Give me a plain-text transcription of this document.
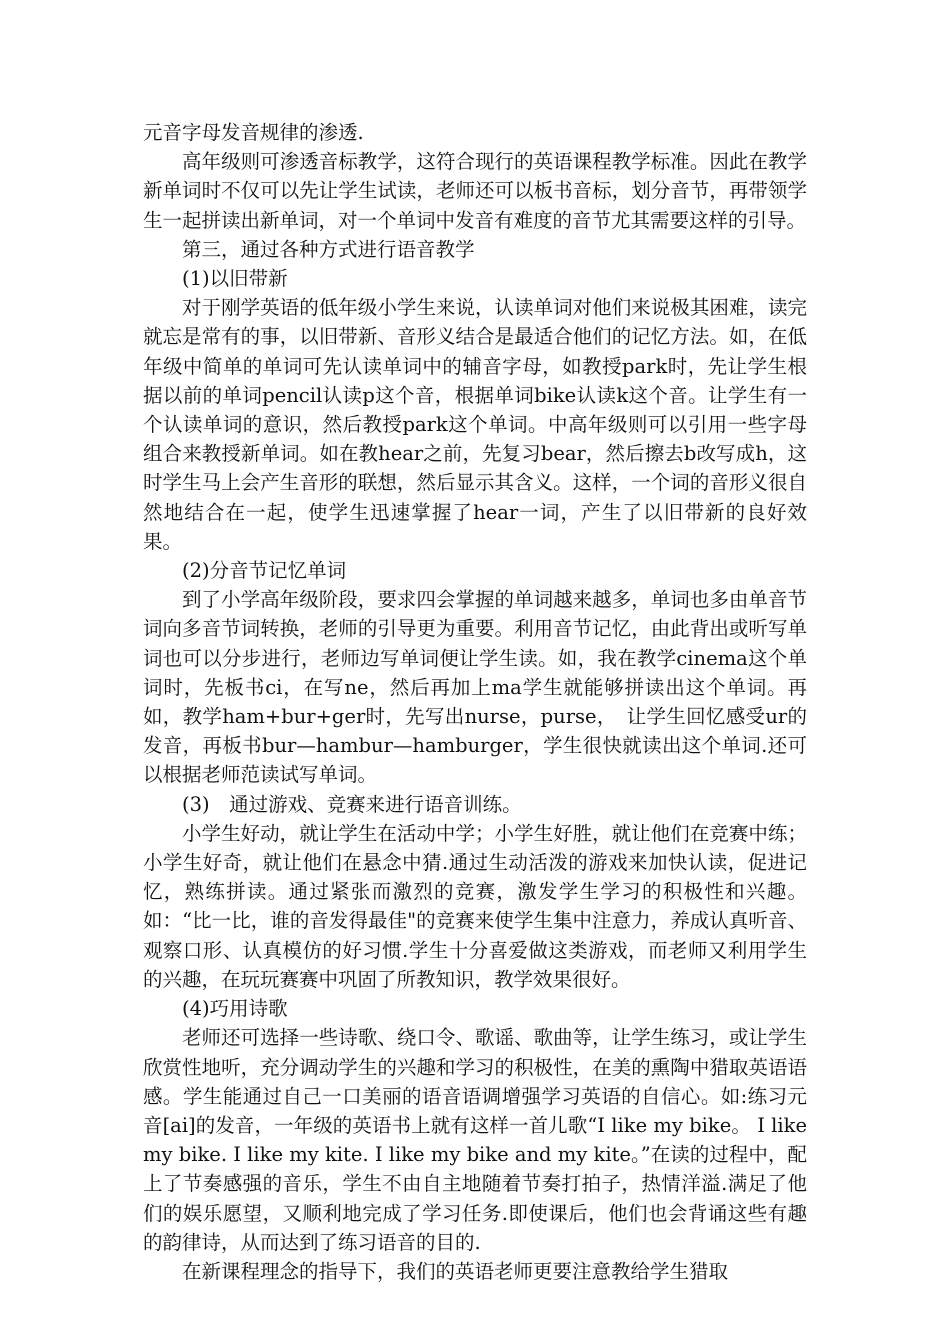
元音字母发音规律的渗透.

高年级则可渗透音标教学，这符合现行的英语课程教学标准。因此在教学新单词时不仅可以先让学生试读，老师还可以板书音标，划分音节，再带领学生一起拼读出新单词，对一个单词中发音有难度的音节尤其需要这样的引导。

第三，通过各种方式进行语音教学

(1)以旧带新

对于刚学英语的低年级小学生来说，认读单词对他们来说极其困难，读完就忘是常有的事，以旧带新、音形义结合是最适合他们的记忆方法。如，在低年级中简单的单词可先认读单词中的辅音字母，如教授park时，先让学生根据以前的单词pencil认读p这个音，根据单词bike认读k这个音。让学生有一个认读单词的意识，然后教授park这个单词。中高年级则可以引用一些字母组合来教授新单词。如在教hear之前，先复习bear，然后擦去b改写成h，这时学生马上会产生音形的联想，然后显示其含义。这样，一个词的音形义很自然地结合在一起，使学生迅速掌握了hear一词，产生了以旧带新的良好效果。

(2)分音节记忆单词

到了小学高年级阶段，要求四会掌握的单词越来越多，单词也多由单音节词向多音节词转换，老师的引导更为重要。利用音节记忆，由此背出或听写单词也可以分步进行，老师边写单词便让学生读。如，我在教学cinema这个单词时，先板书ci，在写ne，然后再加上ma学生就能够拼读出这个单词。再如，教学ham+bur+ger时，先写出nurse，purse，　让学生回忆感受ur的发音，再板书bur—hambur—hamburger，学生很快就读出这个单词.还可以根据老师范读试写单词。

(3)　通过游戏、竞赛来进行语音训练。

小学生好动，就让学生在活动中学；小学生好胜，就让他们在竞赛中练；小学生好奇，就让他们在悬念中猜.通过生动活泼的游戏来加快认读，促进记忆，熟练拼读。通过紧张而激烈的竞赛，激发学生学习的积极性和兴趣。如：“比一比，谁的音发得最佳"的竞赛来使学生集中注意力，养成认真听音、观察口形、认真模仿的好习惯.学生十分喜爱做这类游戏，而老师又利用学生的兴趣，在玩玩赛赛中巩固了所教知识，教学效果很好。

(4)巧用诗歌

老师还可选择一些诗歌、绕口令、歌谣、歌曲等，让学生练习，或让学生欣赏性地听，充分调动学生的兴趣和学习的积极性，在美的熏陶中猎取英语语感。学生能通过自己一口美丽的语音语调增强学习英语的自信心。如:练习元音[ai]的发音，一年级的英语书上就有这样一首儿歌“I like my bike。 I like my bike. I like my kite. I like my bike and my kite。”在读的过程中，配上了节奏感强的音乐，学生不由自主地随着节奏打拍子，热情洋溢.满足了他们的娱乐愿望，又顺利地完成了学习任务.即使课后，他们也会背诵这些有趣的韵律诗，从而达到了练习语音的目的.

在新课程理念的指导下，我们的英语老师更要注意教给学生猎取
